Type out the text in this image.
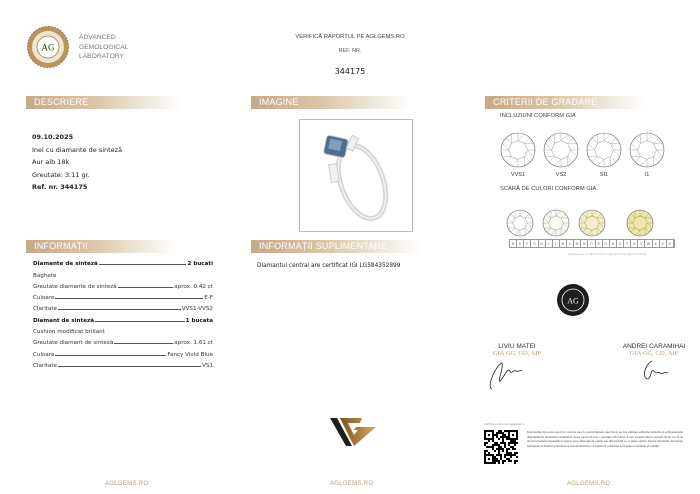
AG
ADVANCED
GEMOLOGICAL
LABORATORY
VERIFICĂ RAPORTUL PE AGLGEMS.RO
REF. NR.
344175
DESCRIERE
09.10.2025
Inel cu diamante de sinteză
Aur alb 18k
Greutate: 3.11 gr.
Ref. nr. 344175
IMAGINE
INFORMAȚII
Diamante de sinteză	2 bucati
Baghete
Greutate diamante de sinteză	aprox. 0.42 ct
Culoare	E-F
Claritate	VVS1-VVS2
Diamant de sinteză	1 bucata
Cushion modificat briliant
Greutate diamant de sinteză	aprox. 1.61 ct
Culoare	Fancy Vivid Blue
Claritate	VS1
INFORMAȚII SUPLIMENTARE
Diamantul central are certificat IGI LG584352899
CRITERII DE GRADARE
INCLUZIUNI CONFORM GIA
SCARĂ DE CULORI CONFORM GIA
D	E	F	G	H	I	J	K	L	M	N	O	P	Q	R	S	T	U	V	W	X	Y	Z
Imaginea este cu titlu informativ, aplicabilă doar pentru diamante
AG
LIVIU MATEI
GIA GG, GD, AIP
ANDREI CARAMIHAI
GIA GG, GD, AIP
Verifică online pe aglgems.ro
Informațiile din acest raport fac referire doar la piatra/bijuteria descrisă și au fost obținute utilizând tehnicile și echipamentele disponibile în momentul examinării. Acest raport nu este o garanție. Nici AGL și nici vreunul dintre experții săi nu vor fi, în nici un moment răspunzători pentru orice diferență de opinie sau discrepanță ce ar putea apărea. Pentru mai multe informații referitoare la limitări și declinarea responsabilității, vă rugăm să consultați AGLgems.ro/termeni și condiții.
AGLGEMS.RO	AGLGEMS.RO	AGLGEMS.RO
VVS1	VS2	SI1	I1
